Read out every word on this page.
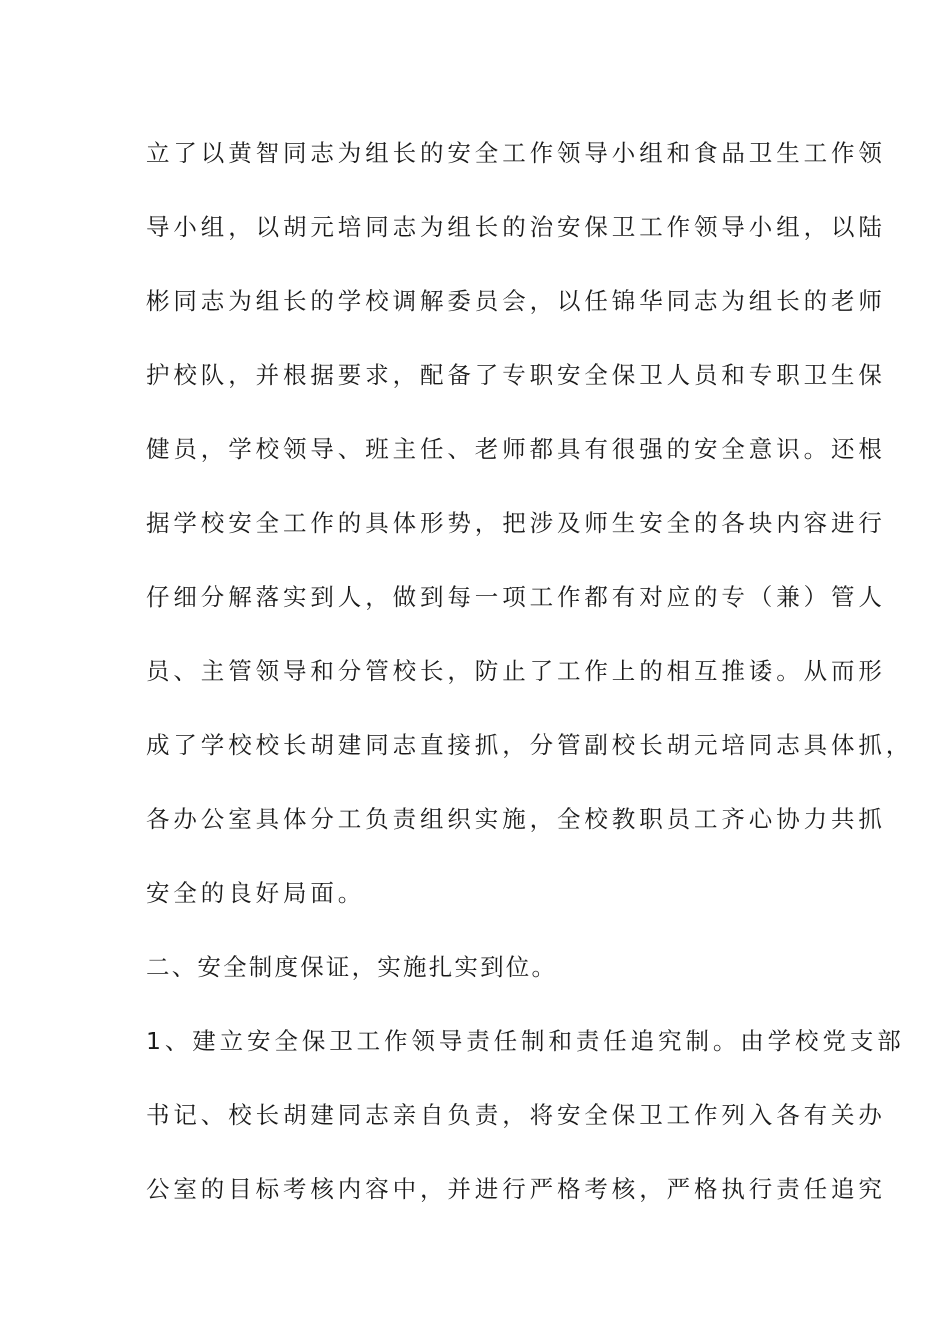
立了以黄智同志为组长的安全工作领导小组和食品卫生工作领
导小组，以胡元培同志为组长的治安保卫工作领导小组，以陆
彬同志为组长的学校调解委员会，以任锦华同志为组长的老师
护校队，并根据要求，配备了专职安全保卫人员和专职卫生保
健员，学校领导、班主任、老师都具有很强的安全意识。还根
据学校安全工作的具体形势，把涉及师生安全的各块内容进行
仔细分解落实到人，做到每一项工作都有对应的专（兼）管人
员、主管领导和分管校长，防止了工作上的相互推诿。从而形
成了学校校长胡建同志直接抓，分管副校长胡元培同志具体抓，
各办公室具体分工负责组织实施，全校教职员工齐心协力共抓
安全的良好局面。
二、安全制度保证，实施扎实到位。
1、建立安全保卫工作领导责任制和责任追究制。由学校党支部
书记、校长胡建同志亲自负责，将安全保卫工作列入各有关办
公室的目标考核内容中，并进行严格考核，严格执行责任追究
